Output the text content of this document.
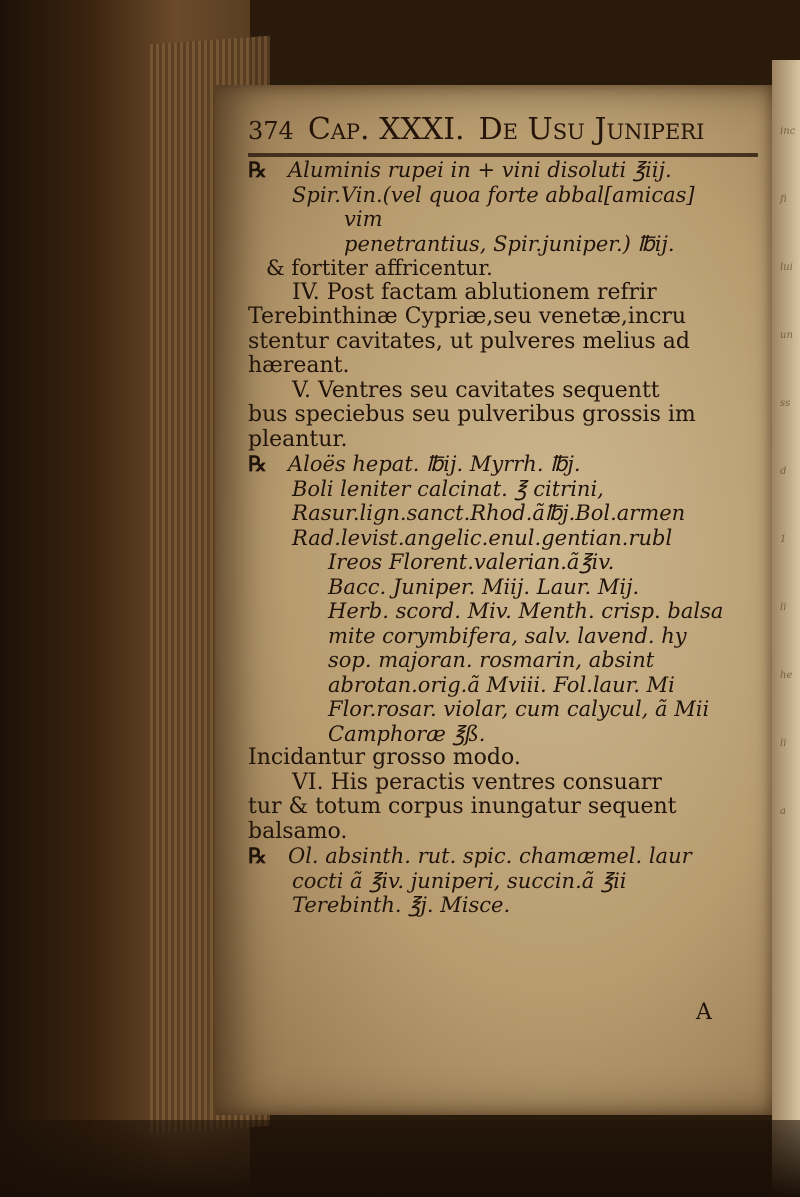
374 Cap. XXXI. De Usu Juniperi
℞ Aluminis rupei in + vini disoluti ℥iij.
Spir.Vin.(vel quoa forte abbal[amicas]
vim
penetrantius, Spir.juniper.) ℔ij.
& fortiter affricentur.
IV. Post factam ablutionem refrir
Terebinthinæ Cypriæ,seu venetæ,incru
stentur cavitates, ut pulveres melius ad
hæreant.
V. Ventres seu cavitates sequentt
bus speciebus seu pulveribus grossis im
pleantur.
℞ Aloës hepat. ℔ij. Myrrh. ℔j.
Boli leniter calcinat. ℥ citrini,
Rasur.lign.sanct.Rhod.ã℔j.Bol.armen
Rad.levist.angelic.enul.gentian.rubl
Ireos Florent.valerian.ã℥iv.
Bacc. Juniper. Miij. Laur. Mij.
Herb. scord. Miv. Menth. crisp. balsa
mite corymbifera, salv. lavend. hy
sop. majoran. rosmarin, absint
abrotan.orig.ã Mviii. Fol.laur. Mi
Flor.rosar. violar, cum calycul, ã Mii
Camphoræ ℥ß.
Incidantur grosso modo.
VI. His peractis ventres consuarr
tur & totum corpus inungatur sequent
balsamo.
℞ Ol. absinth. rut. spic. chamæmel. laur
cocti ã ℥iv. juniperi, succin.ã ℥ii
Terebinth. ℥j. Misce.
A
inc
fi
lui
un
ss
d
1
li
he
li
a
